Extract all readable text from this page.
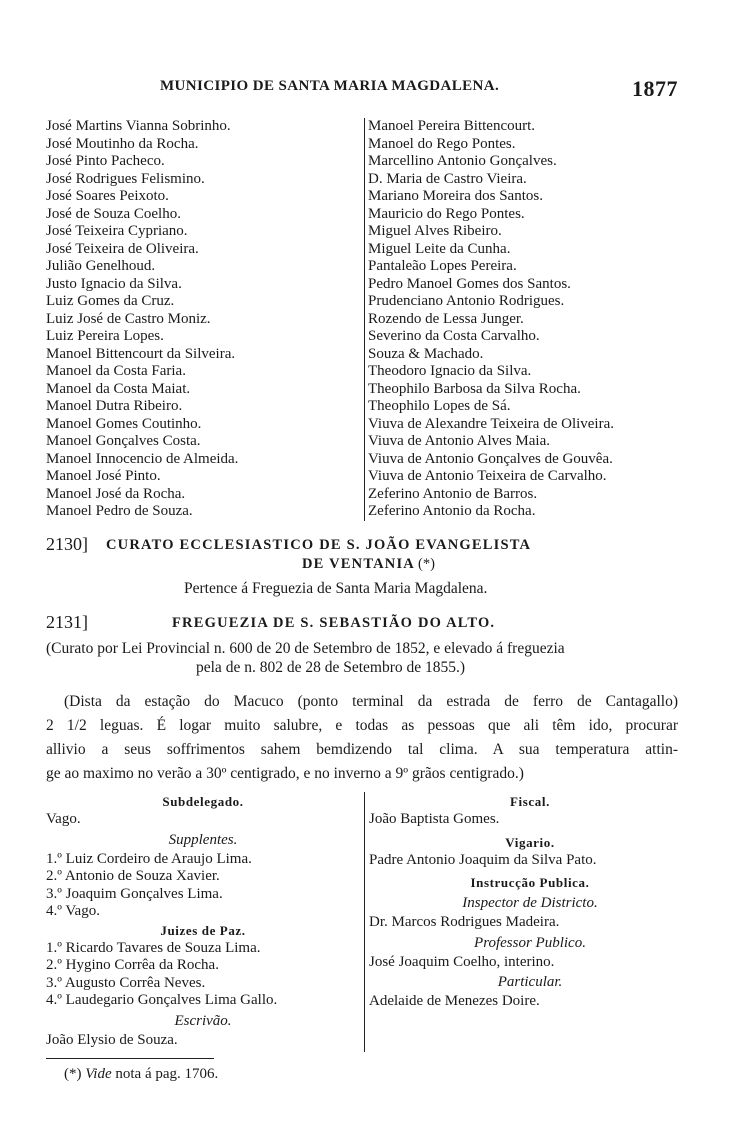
MUNICIPIO DE SANTA MARIA MAGDALENA.	1877
José Martins Vianna Sobrinho.
José Moutinho da Rocha.
José Pinto Pacheco.
José Rodrigues Felismino.
José Soares Peixoto.
José de Souza Coelho.
José Teixeira Cypriano.
José Teixeira de Oliveira.
Julião Genelhoud.
Justo Ignacio da Silva.
Luiz Gomes da Cruz.
Luiz José de Castro Moniz.
Luiz Pereira Lopes.
Manoel Bittencourt da Silveira.
Manoel da Costa Faria.
Manoel da Costa Maiat.
Manoel Dutra Ribeiro.
Manoel Gomes Coutinho.
Manoel Gonçalves Costa.
Manoel Innocencio de Almeida.
Manoel José Pinto.
Manoel José da Rocha.
Manoel Pedro de Souza.
Manoel Pereira Bittencourt.
Manoel do Rego Pontes.
Marcellino Antonio Gonçalves.
D. Maria de Castro Vieira.
Mariano Moreira dos Santos.
Mauricio do Rego Pontes.
Miguel Alves Ribeiro.
Miguel Leite da Cunha.
Pantaleão Lopes Pereira.
Pedro Manoel Gomes dos Santos.
Prudenciano Antonio Rodrigues.
Rozendo de Lessa Junger.
Severino da Costa Carvalho.
Souza & Machado.
Theodoro Ignacio da Silva.
Theophilo Barbosa da Silva Rocha.
Theophilo Lopes de Sá.
Viuva de Alexandre Teixeira de Oliveira.
Viuva de Antonio Alves Maia.
Viuva de Antonio Gonçalves de Gouvêa.
Viuva de Antonio Teixeira de Carvalho.
Zeferino Antonio de Barros.
Zeferino Antonio da Rocha.
2130] CURATO ECCLESIASTICO DE S. JOÃO EVANGELISTA
DE VENTANIA (*)
Pertence á Freguezia de Santa Maria Magdalena.
2131]	FREGUEZIA DE S. SEBASTIÃO DO ALTO.
(Curato por Lei Provincial n. 600 de 20 de Setembro de 1852, e elevado á freguezia
pela de n. 802 de 28 de Setembro de 1855.)
(Dista da estação do Macuco (ponto terminal da estrada de ferro de Cantagallo)
2 1/2 leguas. É logar muito salubre, e todas as pessoas que ali têm ido, procurar
allivio a seus soffrimentos sahem bemdizendo tal clima. A sua temperatura attin-
ge ao maximo no verão a 30º centigrado, e no inverno a 9º grãos centigrado.)
Subdelegado.
Vago.
Supplentes.
1.º Luiz Cordeiro de Araujo Lima.
2.º Antonio de Souza Xavier.
3.º Joaquim Gonçalves Lima.
4.º Vago.
Juizes de Paz.
1.º Ricardo Tavares de Souza Lima.
2.º Hygino Corrêa da Rocha.
3.º Augusto Corrêa Neves.
4.º Laudegario Gonçalves Lima Gallo.
Escrivão.
João Elysio de Souza.
Fiscal.
João Baptista Gomes.
Vigario.
Padre Antonio Joaquim da Silva Pato.
Instrucção Publica.
Inspector de Districto.
Dr. Marcos Rodrigues Madeira.
Professor Publico.
José Joaquim Coelho, interino.
Particular.
Adelaide de Menezes Doire.
(*) Vide nota á pag. 1706.
